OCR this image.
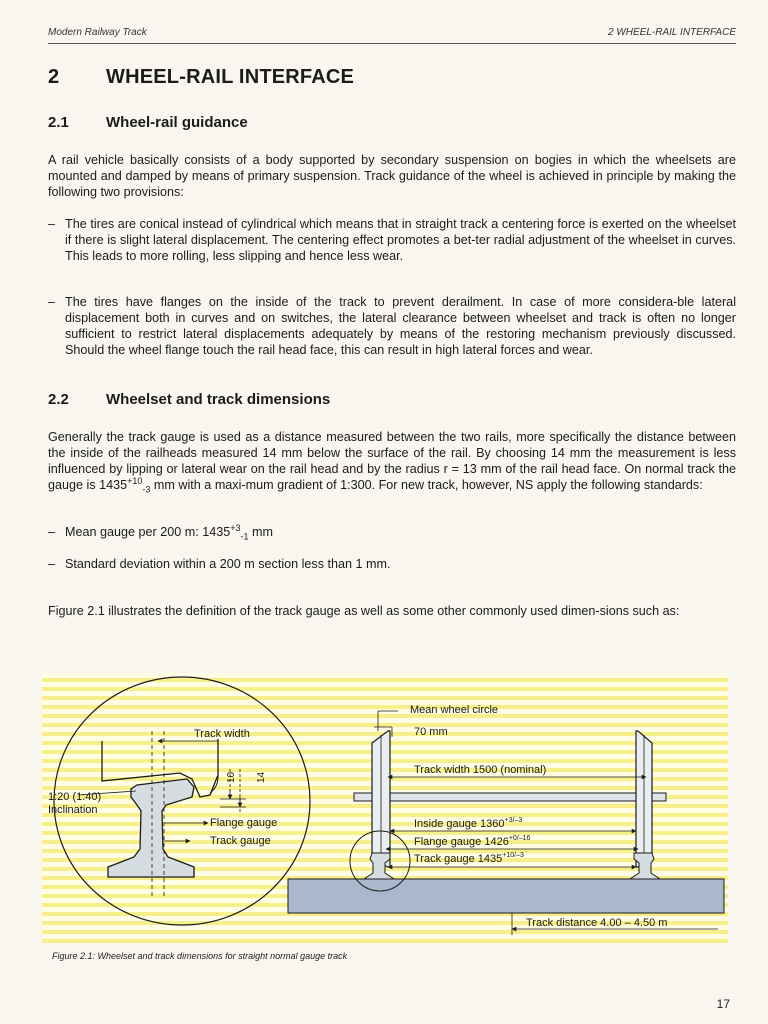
Modern Railway Track	2 WHEEL-RAIL INTERFACE
2 WHEEL-RAIL INTERFACE
2.1 Wheel-rail guidance

A rail vehicle basically consists of a body supported by secondary suspension on bogies in which the wheelsets are mounted and damped by means of primary suspension. Track guidance of the wheel is achieved in principle by making the following two provisions:

– The tires are conical instead of cylindrical which means that in straight track a centering force is exerted on the wheelset if there is slight lateral displacement. The centering effect promotes a bet-ter radial adjustment of the wheelset in curves. This leads to more rolling, less slipping and hence less wear.
– The tires have flanges on the inside of the track to prevent derailment. In case of more considera-ble lateral displacement both in curves and on switches, the lateral clearance between wheelset and track is often no longer sufficient to restrict lateral displacements adequately by means of the restoring mechanism previously discussed. Should the wheel flange touch the rail head face, this can result in high lateral forces and wear.
2.2 Wheelset and track dimensions

Generally the track gauge is used as a distance measured between the two rails, more specifically the distance between the inside of the railheads measured 14 mm below the surface of the rail. By choosing 14 mm the measurement is less influenced by lipping or lateral wear on the rail head and by the radius r = 13 mm of the rail head face. On normal track the gauge is $1435^{+10}_{-3}$ mm with a maxi-mum gradient of 1:300. For new track, however, NS apply the following standards:

– Mean gauge per 200 m: $1435^{+3}_{-1}$ mm
– Standard deviation within a 200 m section less than 1 mm.

Figure 2.1 illustrates the definition of the track gauge as well as some other commonly used dimen-sions such as:

Track width
10 14
1:20 (1:40)
Inclination
Flange gauge
Track gauge
Mean wheel circle
70 mm
Track width 1500 (nominal)
Inside gauge $1360^{+3/-3}$
Flange gauge $1426^{+0/-16}$
Track gauge $1435^{+10/-3}$
Track distance 4.00 – 4.50 m
Figure 2.1: Wheelset and track dimensions for straight normal gauge track
17
